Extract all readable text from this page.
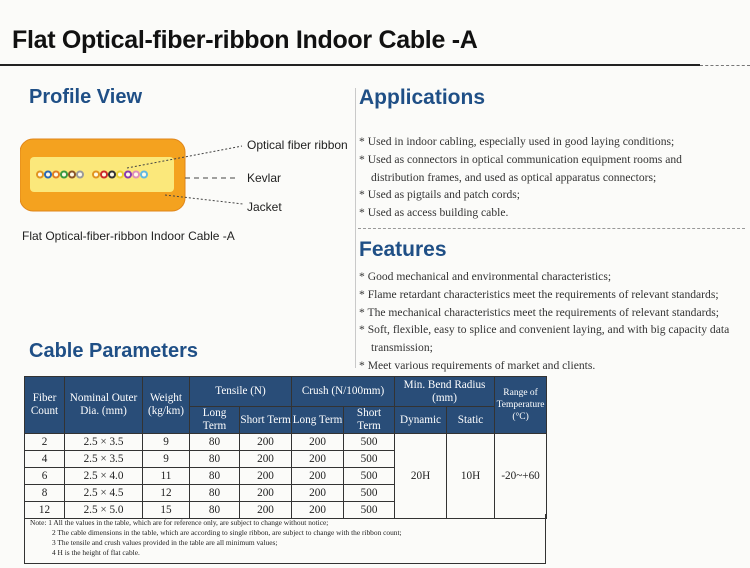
Flat Optical-fiber-ribbon Indoor Cable -A
Profile View
Optical fiber ribbon
Kevlar
Jacket
Flat Optical-fiber-ribbon Indoor Cable -A
Applications
* Used in indoor cabling, especially used in good laying conditions;
* Used as connectors in optical communication equipment rooms and
distribution frames, and used as optical apparatus connectors;
* Used as pigtails and patch cords;
* Used as access building cable.
Features
* Good mechanical and environmental characteristics;
* Flame retardant characteristics meet the requirements of relevant standards;
* The mechanical characteristics meet the requirements of relevant standards;
* Soft, flexible, easy to splice and convenient laying, and with big capacity data
transmission;
* Meet various requirements of market and clients.
Cable Parameters
Fiber Count	Nominal Outer Dia. (mm)	Weight (kg/km)	Tensile (N)		Crush (N/100mm)		Min. Bend Radius (mm)		Range of Temperature (°C)
			Long Term	Short Term	Long Term	Short Term	Dynamic	Static	
2	2.5 × 3.5	9	80	200	200	500	20H	10H	-20~+60
4	2.5 × 3.5	9	80	200	200	500			
6	2.5 × 4.0	11	80	200	200	500			
8	2.5 × 4.5	12	80	200	200	500			
12	2.5 × 5.0	15	80	200	200	500			
Note: 1 All the values in the table, which are for reference only, are subject to change without notice;
2 The cable dimensions in the table, which are according to single ribbon, are subject to change with the ribbon count;
3 The tensile and crush values provided in the table are all minimum values;
4 H is the height of flat cable.
